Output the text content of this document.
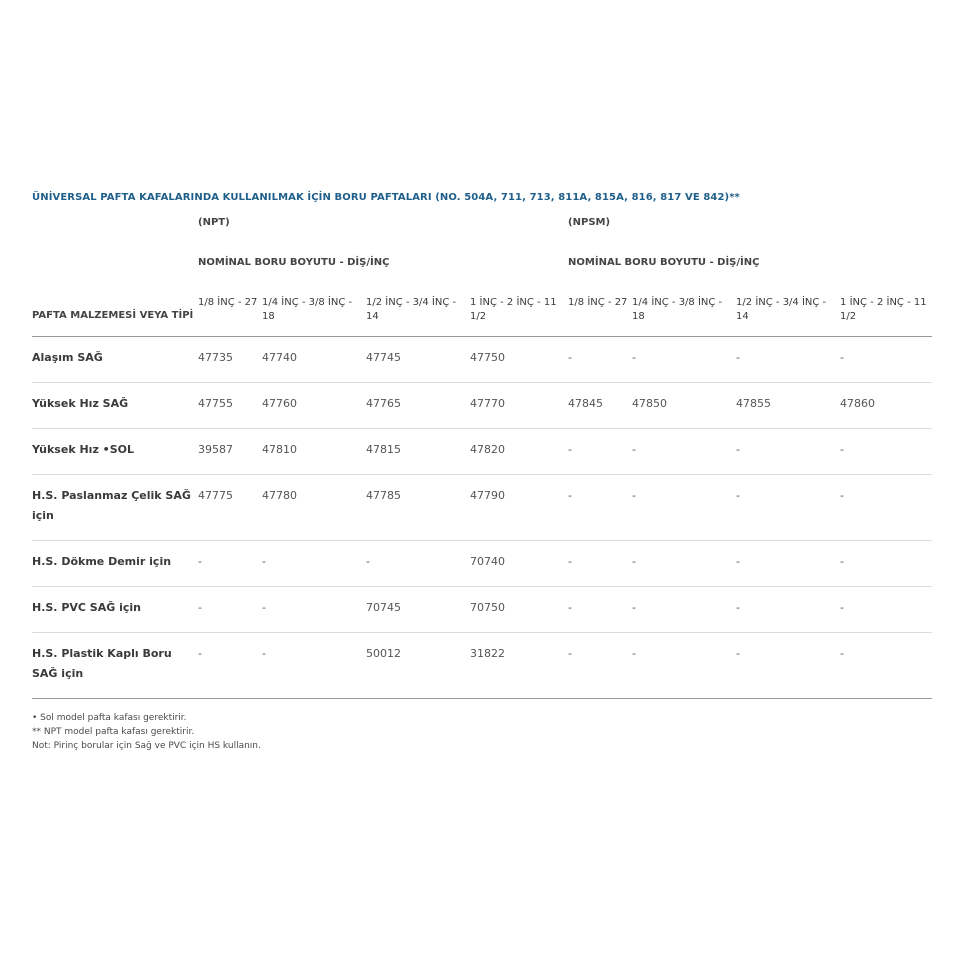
ÜNİVERSAL PAFTA KAFALARINDA KULLANILMAK İÇİN BORU PAFTALARI (NO. 504A, 711, 713, 811A, 815A, 816, 817 VE 842)**
	(NPT)				(NPSM)			
	NOMİNAL BORU BOYUTU - DİŞ/İNÇ				NOMİNAL BORU BOYUTU - DİŞ/İNÇ			
PAFTA MALZEMESİ VEYA TİPİ	1/8 İNÇ - 27	1/4 İNÇ - 3/8 İNÇ - 18	1/2 İNÇ - 3/4 İNÇ - 14	1 İNÇ - 2 İNÇ - 11 1/2	1/8 İNÇ - 27	1/4 İNÇ - 3/8 İNÇ - 18	1/2 İNÇ - 3/4 İNÇ - 14	1 İNÇ - 2 İNÇ - 11 1/2
Alaşım SAĞ	47735	47740	47745	47750	-	-	-	-
Yüksek Hız SAĞ	47755	47760	47765	47770	47845	47850	47855	47860
Yüksek Hız •SOL	39587	47810	47815	47820	-	-	-	-
H.S. Paslanmaz Çelik SAĞ için	47775	47780	47785	47790	-	-	-	-
H.S. Dökme Demir için	-	-	-	70740	-	-	-	-
H.S. PVC SAĞ için	-	-	70745	70750	-	-	-	-
H.S. Plastik Kaplı Boru SAĞ için	-	-	50012	31822	-	-	-	-
• Sol model pafta kafası gerektirir.
** NPT model pafta kafası gerektirir.
Not: Pirinç borular için Sağ ve PVC için HS kullanın.
